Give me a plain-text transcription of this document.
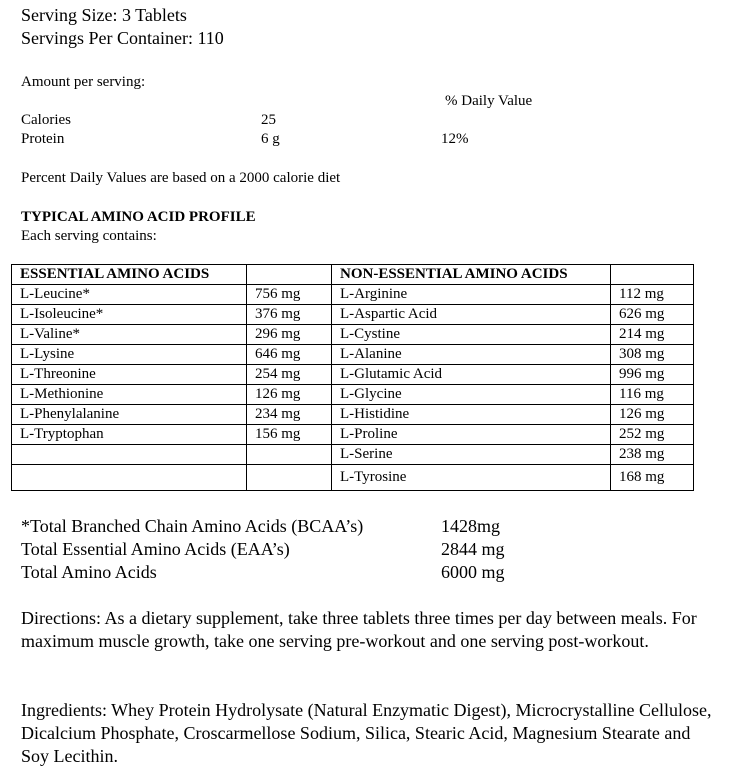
Serving Size: 3 Tablets
Servings Per Container: 110
Amount per serving:
% Daily Value
Calories	25
Protein	6 g	12%
Percent Daily Values are based on a 2000 calorie diet
TYPICAL AMINO ACID PROFILE
Each serving contains:
ESSENTIAL AMINO ACIDS		NON-ESSENTIAL AMINO ACIDS	
L-Leucine*	756 mg	L-Arginine	112 mg
L-Isoleucine*	376 mg	L-Aspartic Acid	626 mg
L-Valine*	296 mg	L-Cystine	214 mg
L-Lysine	646 mg	L-Alanine	308 mg
L-Threonine	254 mg	L-Glutamic Acid	996 mg
L-Methionine	126 mg	L-Glycine	116 mg
L-Phenylalanine	234 mg	L-Histidine	126 mg
L-Tryptophan	156 mg	L-Proline	252 mg
		L-Serine	238 mg
		L-Tyrosine	168 mg
*Total Branched Chain Amino Acids (BCAA’s)	1428mg
Total Essential Amino Acids (EAA’s)	2844 mg
Total Amino Acids	6000 mg
Directions: As a dietary supplement, take three tablets three times per day between meals. For maximum muscle growth, take one serving pre-workout and one serving post-workout.
Ingredients: Whey Protein Hydrolysate (Natural Enzymatic Digest), Microcrystalline Cellulose, Dicalcium Phosphate, Croscarmellose Sodium, Silica, Stearic Acid, Magnesium Stearate and Soy Lecithin.
